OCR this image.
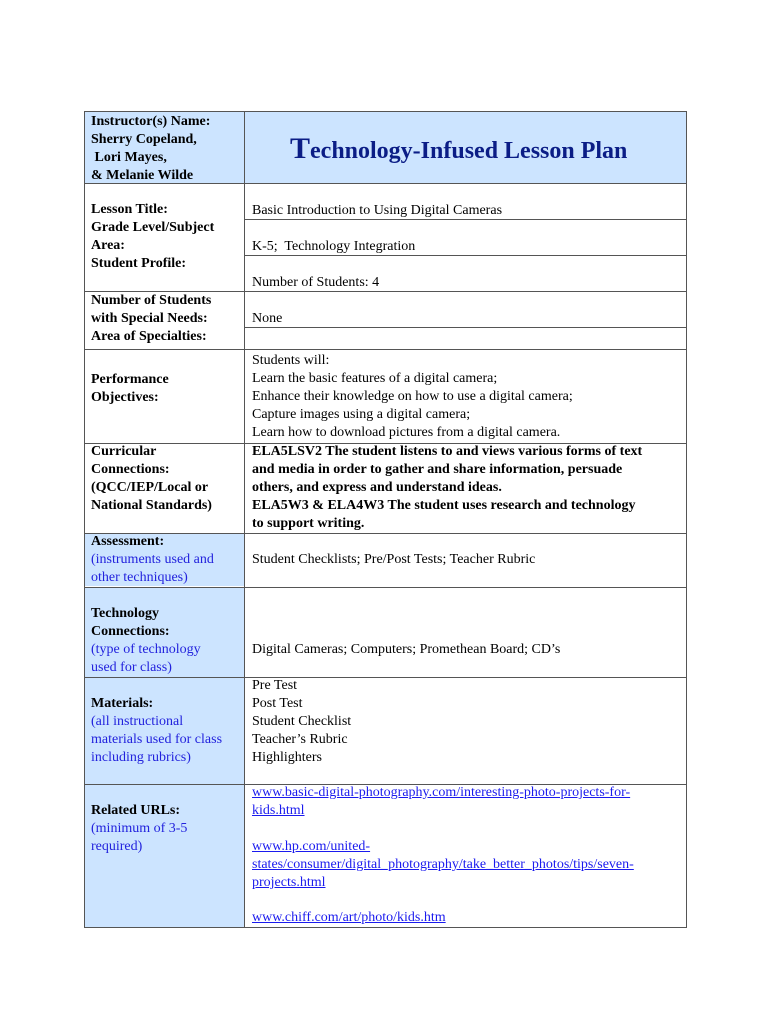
Instructor(s) Name:

Sherry Copeland,

Lori Mayes,

& Melanie Wilde

Technology-Infused Lesson Plan

Lesson Title:

Grade Level/Subject

Area:

Student Profile:

Basic Introduction to Using Digital Cameras
K-5;  Technology Integration
Number of Students: 4

Number of Students

with Special Needs:

Area of Specialties:

None

Performance

Objectives:

Students will:

Learn the basic features of a digital camera;

Enhance their knowledge on how to use a digital camera;

Capture images using a digital camera;

Learn how to download pictures from a digital camera.

Curricular

Connections:

(QCC/IEP/Local or

National Standards)

ELA5LSV2 The student listens to and views various forms of text

and media in order to gather and share information, persuade

others, and express and understand ideas.

ELA5W3 & ELA4W3 The student uses research and technology

to support writing.

Assessment:

(instruments used and

other techniques)

Student Checklists; Pre/Post Tests; Teacher Rubric

Technology

Connections:

(type of technology

used for class)

Digital Cameras; Computers; Promethean Board; CD’s

Materials:

(all instructional

materials used for class

including rubrics)

Pre Test

Post Test

Student Checklist

Teacher’s Rubric

Highlighters

Related URLs:

(minimum of 3-5

required)

www.basic-digital-photography.com/interesting-photo-projects-for-

kids.html

www.hp.com/united-

states/consumer/digital_photography/take_better_photos/tips/seven-

projects.html

www.chiff.com/art/photo/kids.htm
